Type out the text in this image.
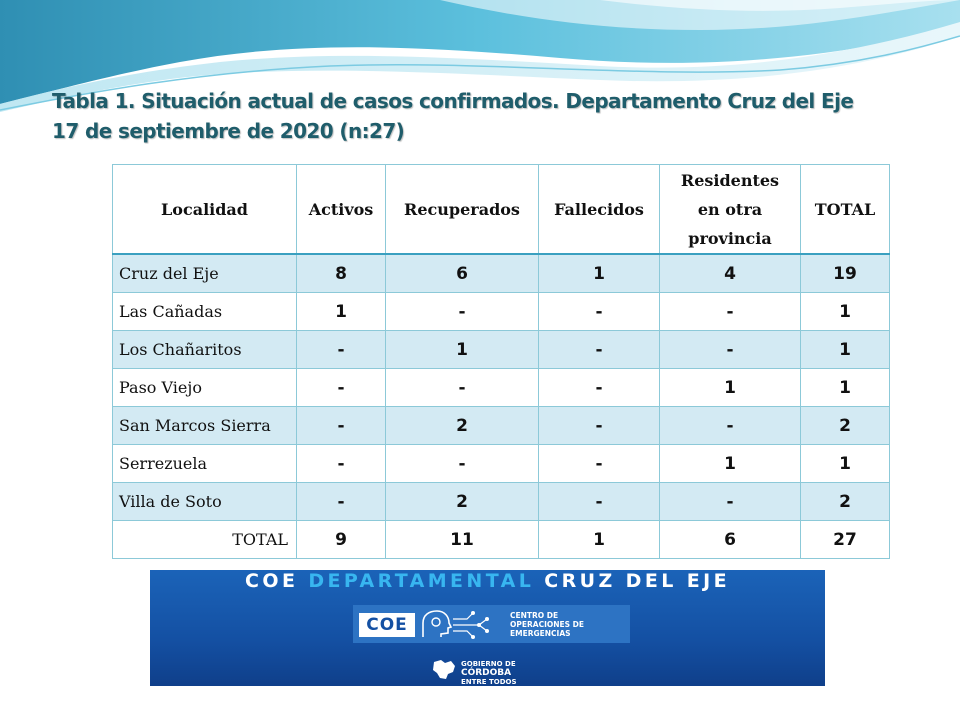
Tabla 1. Situación actual de casos confirmados. Departamento Cruz del Eje
17 de septiembre de 2020 (n:27)
Localidad	Activos	Recuperados	Fallecidos	Residentes
en otra
provincia	TOTAL
Cruz del Eje	8	6	1	4	19
Las Cañadas	1	-	-	-	1
Los Chañaritos	-	1	-	-	1
Paso Viejo	-	-	-	1	1
San Marcos Sierra	-	2	-	-	2
Serrezuela	-	-	-	1	1
Villa de Soto	-	2	-	-	2
TOTAL	9	11	1	6	27
COE DEPARTAMENTAL CRUZ DEL EJE
COE	CENTRO DE
OPERACIONES DE
EMERGENCIAS
GOBIERNO DE
CÓRDOBA
ENTRE TODOS
